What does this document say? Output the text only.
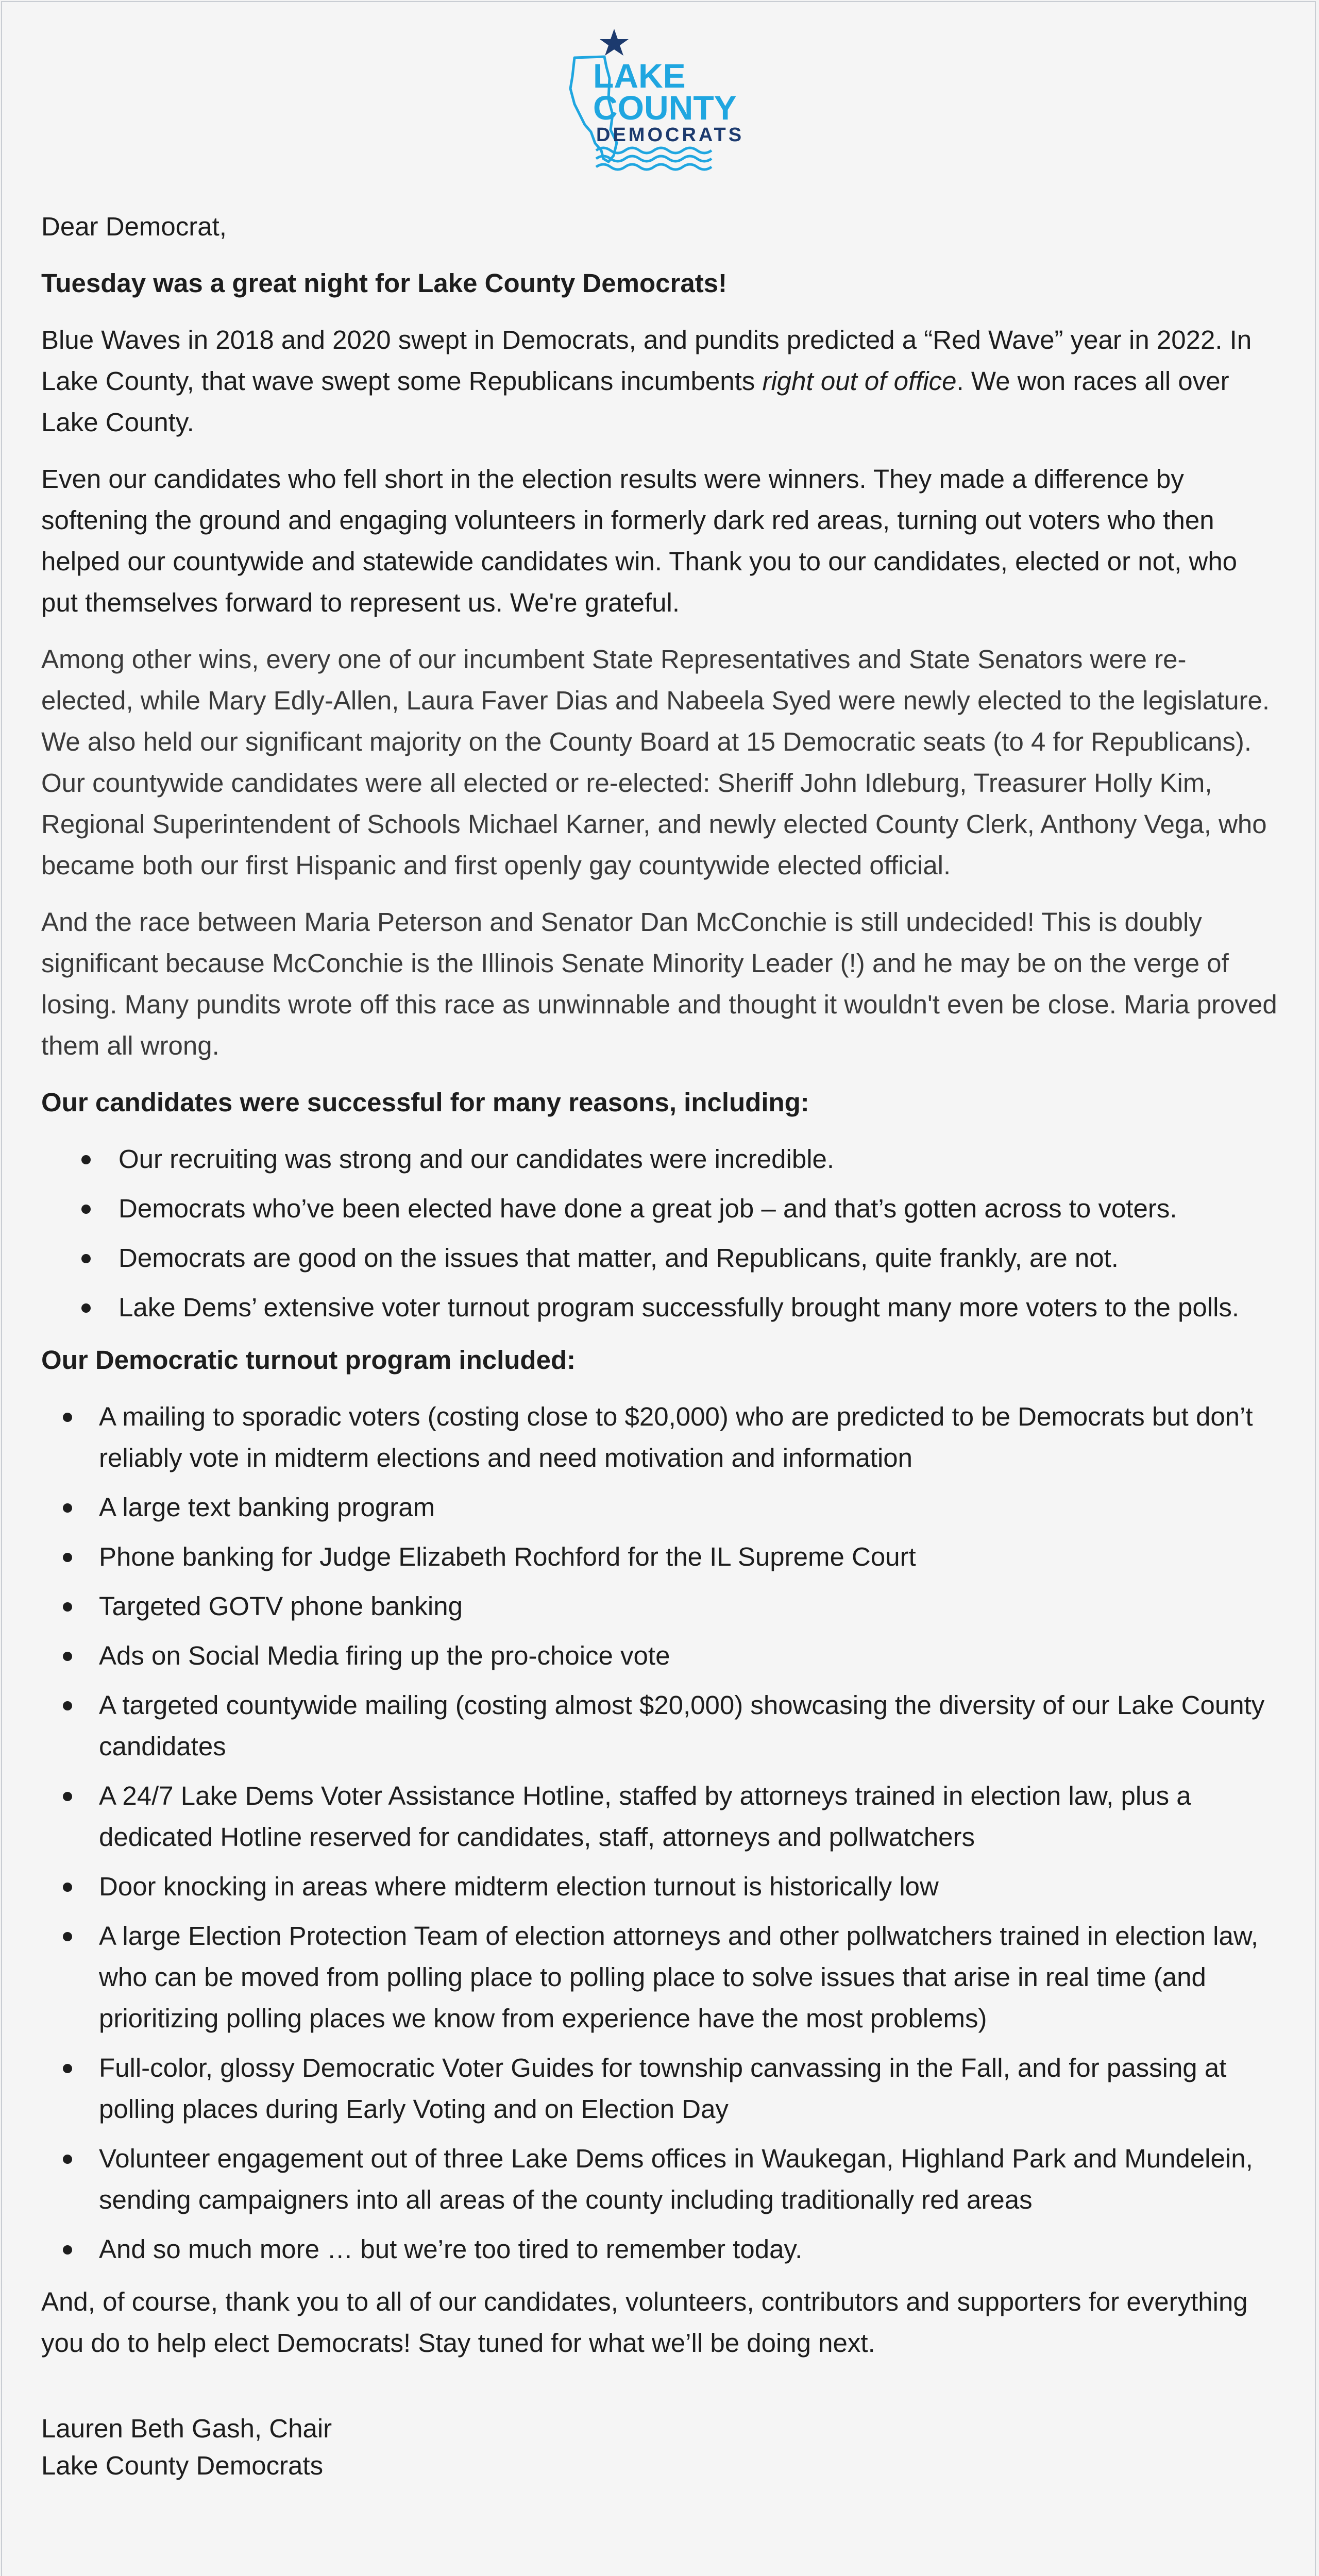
LAKE
COUNTY
DEMOCRATS

Dear Democrat,

Tuesday was a great night for Lake County Democrats!

Blue Waves in 2018 and 2020 swept in Democrats, and pundits predicted a “Red Wave” year in 2022. In Lake County, that wave swept some Republicans incumbents right out of office. We won races all over Lake County.

Even our candidates who fell short in the election results were winners. They made a difference by softening the ground and engaging volunteers in formerly dark red areas, turning out voters who then helped our countywide and statewide candidates win. Thank you to our candidates, elected or not, who put themselves forward to represent us. We're grateful.

Among other wins, every one of our incumbent State Representatives and State Senators were re-elected, while Mary Edly-Allen, Laura Faver Dias and Nabeela Syed were newly elected to the legislature. We also held our significant majority on the County Board at 15 Democratic seats (to 4 for Republicans). Our countywide candidates were all elected or re-elected: Sheriff John Idleburg, Treasurer Holly Kim, Regional Superintendent of Schools Michael Karner, and newly elected County Clerk, Anthony Vega, who became both our first Hispanic and first openly gay countywide elected official.

And the race between Maria Peterson and Senator Dan McConchie is still undecided! This is doubly significant because McConchie is the Illinois Senate Minority Leader (!) and he may be on the verge of losing. Many pundits wrote off this race as unwinnable and thought it wouldn't even be close. Maria proved them all wrong.

Our candidates were successful for many reasons, including:

Our recruiting was strong and our candidates were incredible.
Democrats who’ve been elected have done a great job – and that’s gotten across to voters.
Democrats are good on the issues that matter, and Republicans, quite frankly, are not.
Lake Dems’ extensive voter turnout program successfully brought many more voters to the polls.

Our Democratic turnout program included:

A mailing to sporadic voters (costing close to $20,000) who are predicted to be Democrats but don’t reliably vote in midterm elections and need motivation and information
A large text banking program
Phone banking for Judge Elizabeth Rochford for the IL Supreme Court
Targeted GOTV phone banking
Ads on Social Media firing up the pro-choice vote
A targeted countywide mailing (costing almost $20,000) showcasing the diversity of our Lake County candidates
A 24/7 Lake Dems Voter Assistance Hotline, staffed by attorneys trained in election law, plus a dedicated Hotline reserved for candidates, staff, attorneys and pollwatchers
Door knocking in areas where midterm election turnout is historically low
A large Election Protection Team of election attorneys and other pollwatchers trained in election law, who can be moved from polling place to polling place to solve issues that arise in real time (and prioritizing polling places we know from experience have the most problems)
Full-color, glossy Democratic Voter Guides for township canvassing in the Fall, and for passing at polling places during Early Voting and on Election Day
Volunteer engagement out of three Lake Dems offices in Waukegan, Highland Park and Mundelein, sending campaigners into all areas of the county including traditionally red areas
And so much more … but we’re too tired to remember today.

And, of course, thank you to all of our candidates, volunteers, contributors and supporters for everything you do to help elect Democrats! Stay tuned for what we’ll be doing next.

Lauren Beth Gash, Chair
Lake County Democrats
